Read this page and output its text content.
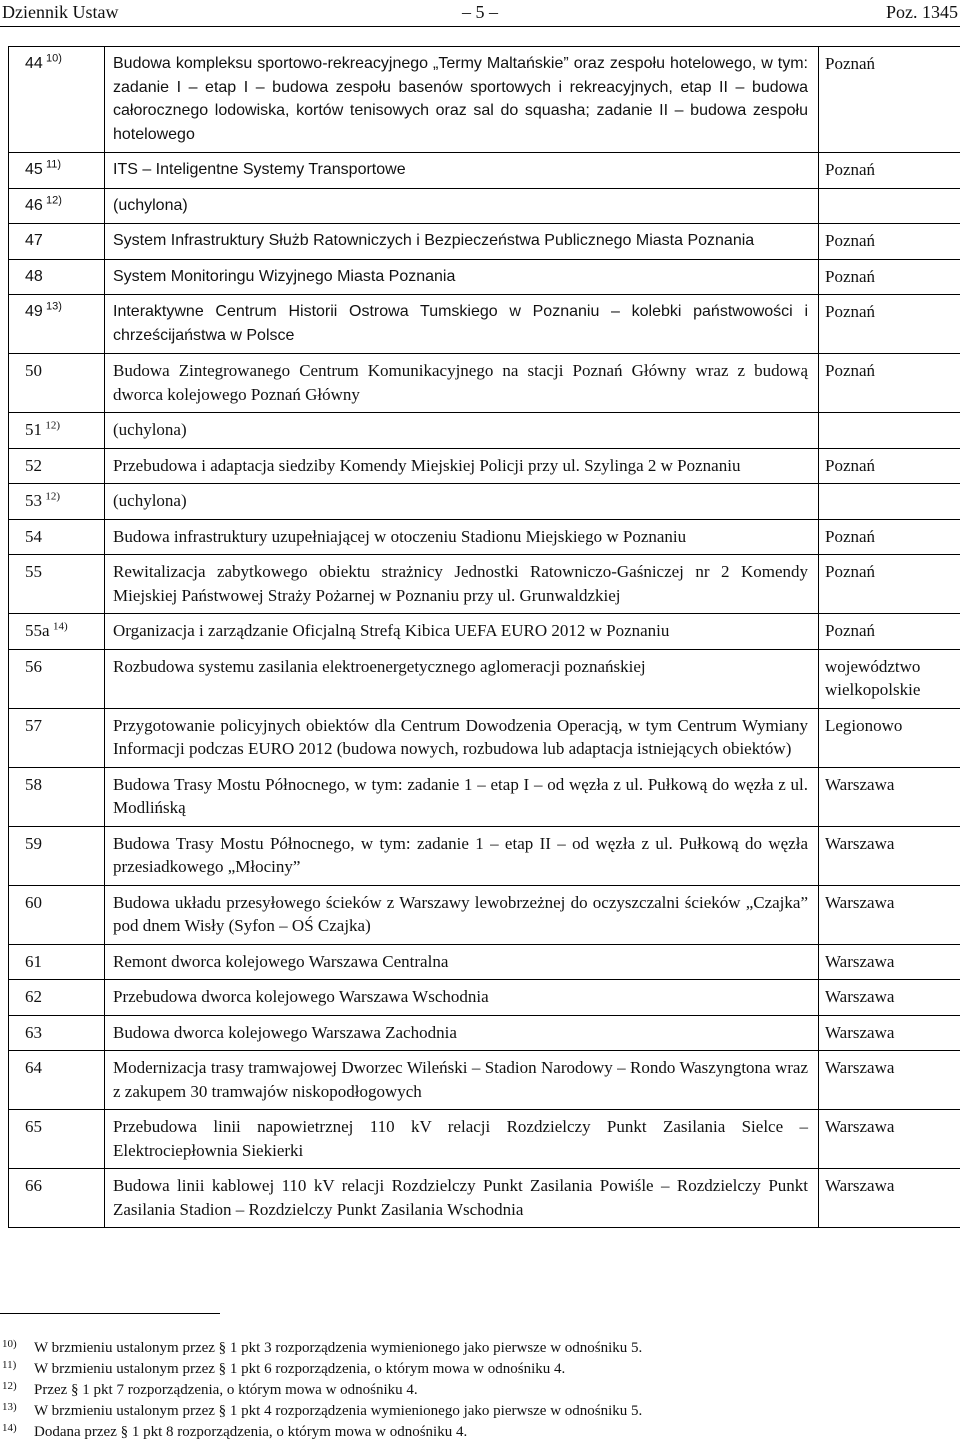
Dziennik Ustaw	– 5 –	Poz. 1345
44  $^{10)}$	Budowa kompleksu sportowo-rekreacyjnego „Termy Maltańskie” oraz zespołu hotelowego, w tym: zadanie I – etap I – budowa zespołu basenów sportowych i rekreacyjnych, etap II – budowa całorocznego lodowiska, kortów tenisowych oraz sal do squasha; zadanie II – budowa zespołu hotelowego	Poznań
45  $^{11)}$	ITS – Inteligentne Systemy Transportowe	Poznań
46  $^{12)}$	(uchylona)	
47	System Infrastruktury Służb Ratowniczych i Bezpieczeństwa Publicznego Miasta Poznania	Poznań
48	System Monitoringu Wizyjnego Miasta Poznania	Poznań
49  $^{13)}$	Interaktywne Centrum Historii Ostrowa Tumskiego w Poznaniu – kolebki państwowości i chrześcijaństwa w Polsce	Poznań
50	Budowa Zintegrowanego Centrum Komunikacyjnego na stacji Poznań Główny wraz z budową dworca kolejowego Poznań Główny	Poznań
51  $^{12)}$	(uchylona)	
52	Przebudowa i adaptacja siedziby Komendy Miejskiej Policji przy ul. Szylinga 2 w Poznaniu	Poznań
53  $^{12)}$	(uchylona)	
54	Budowa infrastruktury uzupełniającej w otoczeniu Stadionu Miejskiego w Poznaniu	Poznań
55	Rewitalizacja zabytkowego obiektu strażnicy Jednostki Ratowniczo-Gaśniczej nr 2 Komendy Miejskiej Państwowej Straży Pożarnej w Poznaniu przy ul. Grunwaldzkiej	Poznań
55a  $^{14)}$	Organizacja i zarządzanie Oficjalną Strefą Kibica UEFA EURO 2012 w Poznaniu	Poznań
56	Rozbudowa systemu zasilania elektroenergetycznego aglomeracji poznańskiej	województwo wielkopolskie
57	Przygotowanie policyjnych obiektów dla Centrum Dowodzenia Operacją, w tym Centrum Wymiany Informacji podczas EURO 2012 (budowa nowych, rozbudowa lub adaptacja istniejących obiektów)	Legionowo
58	Budowa Trasy Mostu Północnego, w tym: zadanie 1 – etap I – od węzła z ul. Pułkową do węzła z ul. Modlińską	Warszawa
59	Budowa Trasy Mostu Północnego, w tym: zadanie 1 – etap II – od węzła z ul. Pułkową do węzła przesiadkowego „Młociny”	Warszawa
60	Budowa układu przesyłowego ścieków z Warszawy lewobrzeżnej do oczyszczalni ścieków „Czajka” pod dnem Wisły (Syfon – OŚ Czajka)	Warszawa
61	Remont dworca kolejowego Warszawa Centralna	Warszawa
62	Przebudowa dworca kolejowego Warszawa Wschodnia	Warszawa
63	Budowa dworca kolejowego Warszawa Zachodnia	Warszawa
64	Modernizacja trasy tramwajowej Dworzec Wileński – Stadion Narodowy – Rondo Waszyngtona wraz z zakupem 30 tramwajów niskopodłogowych	Warszawa
65	Przebudowa linii napowietrznej 110 kV relacji Rozdzielczy Punkt Zasilania Sielce – Elektrociepłownia Siekierki	Warszawa
66	Budowa linii kablowej 110 kV relacji Rozdzielczy Punkt Zasilania Powiśle – Rozdzielczy Punkt Zasilania Stadion – Rozdzielczy Punkt Zasilania Wschodnia	Warszawa
10) W brzmieniu ustalonym przez § 1 pkt 3 rozporządzenia wymienionego jako pierwsze w odnośniku 5.
11) W brzmieniu ustalonym przez § 1 pkt 6 rozporządzenia, o którym mowa w odnośniku 4.
12) Przez § 1 pkt 7 rozporządzenia, o którym mowa w odnośniku 4.
13) W brzmieniu ustalonym przez § 1 pkt 4 rozporządzenia wymienionego jako pierwsze w odnośniku 5.
14) Dodana przez § 1 pkt 8 rozporządzenia, o którym mowa w odnośniku 4.
